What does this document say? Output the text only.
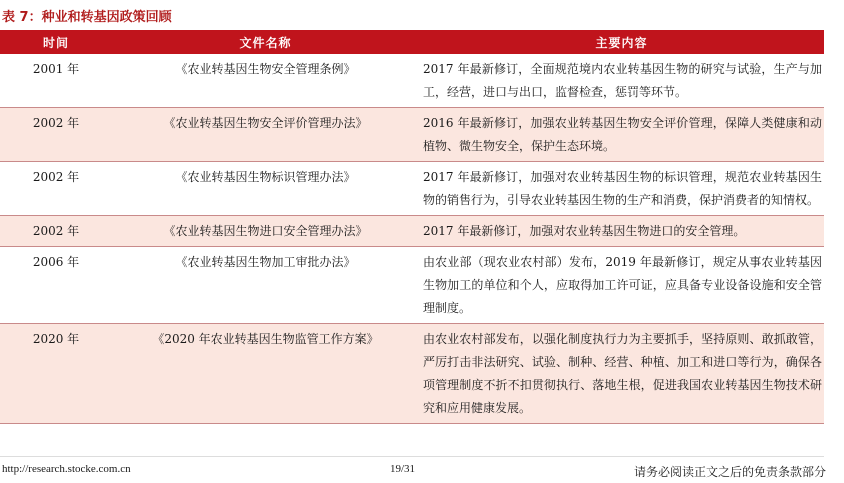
表 7：种业和转基因政策回顾
时间	文件名称	主要内容
2001 年	《农业转基因生物安全管理条例》	2017 年最新修订，全面规范境内农业转基因生物的研究与试验，生产与加工，经营，进口与出口，监督检查，惩罚等环节。
2002 年	《农业转基因生物安全评价管理办法》	2016 年最新修订，加强农业转基因生物安全评价管理，保障人类健康和动植物、微生物安全，保护生态环境。
2002 年	《农业转基因生物标识管理办法》	2017 年最新修订，加强对农业转基因生物的标识管理，规范农业转基因生物的销售行为，引导农业转基因生物的生产和消费，保护消费者的知情权。
2002 年	《农业转基因生物进口安全管理办法》	2017 年最新修订，加强对农业转基因生物进口的安全管理。
2006 年	《农业转基因生物加工审批办法》	由农业部（现农业农村部）发布，2019 年最新修订，规定从事农业转基因生物加工的单位和个人，应取得加工许可证，应具备专业设备设施和安全管理制度。
2020 年	《2020 年农业转基因生物监管工作方案》	由农业农村部发布，以强化制度执行力为主要抓手，坚持原则、敢抓敢管，严厉打击非法研究、试验、制种、经营、种植、加工和进口等行为，确保各项管理制度不折不扣贯彻执行、落地生根，促进我国农业转基因生物技术研究和应用健康发展。
http://research.stocke.com.cn	19/31	请务必阅读正文之后的免责条款部分
